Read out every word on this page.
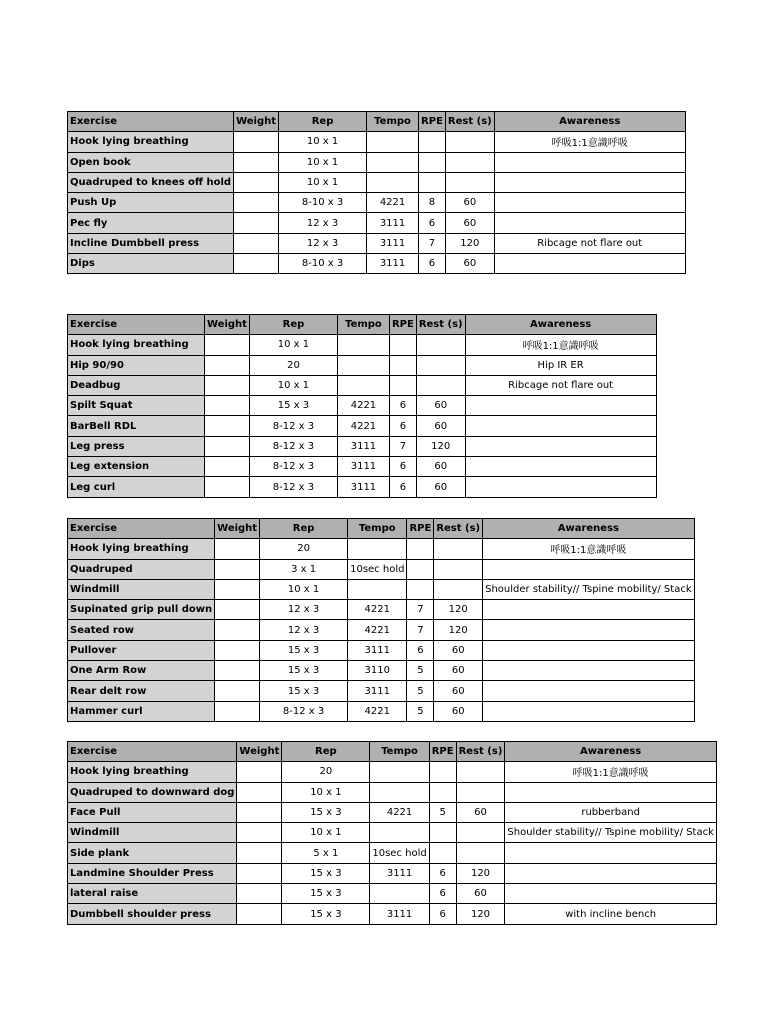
Exercise	Weight	Rep	Tempo	RPE	Rest (s)	Awareness
Hook lying breathing		10 x 1				呼吸1:1意識呼吸
Open book		10 x 1				
Quadruped to knees off hold		10 x 1				
Push Up		8-10 x 3	4221	8	60	
Pec fly		12 x 3	3111	6	60	
Incline Dumbbell press		12 x 3	3111	7	120	Ribcage not flare out
Dips		8-10 x 3	3111	6	60	
Exercise	Weight	Rep	Tempo	RPE	Rest (s)	Awareness
Hook lying breathing		10 x 1				呼吸1:1意識呼吸
Hip 90/90		20				Hip IR ER
Deadbug		10 x 1				Ribcage not flare out
Spilt Squat		15 x 3	4221	6	60	
BarBell RDL		8-12 x 3	4221	6	60	
Leg press		8-12 x 3	3111	7	120	
Leg extension		8-12 x 3	3111	6	60	
Leg curl		8-12 x 3	3111	6	60	
Exercise	Weight	Rep	Tempo	RPE	Rest (s)	Awareness
Hook lying breathing		20				呼吸1:1意識呼吸
Quadruped		3 x 1	10sec hold			
Windmill		10 x 1				Shoulder stability// Tspine mobility/ Stack
Supinated grip pull down		12 x 3	4221	7	120	
Seated row		12 x 3	4221	7	120	
Pullover		15 x 3	3111	6	60	
One Arm Row		15 x 3	3110	5	60	
Rear delt row		15 x 3	3111	5	60	
Hammer curl		8-12 x 3	4221	5	60	
Exercise	Weight	Rep	Tempo	RPE	Rest (s)	Awareness
Hook lying breathing		20				呼吸1:1意識呼吸
Quadruped to downward dog		10 x 1				
Face Pull		15 x 3	4221	5	60	rubberband
Windmill		10 x 1				Shoulder stability// Tspine mobility/ Stack
Side plank		5 x 1	10sec hold			
Landmine Shoulder Press		15 x 3	3111	6	120	
lateral raise		15 x 3		6	60	
Dumbbell shoulder press		15 x 3	3111	6	120	with incline bench
